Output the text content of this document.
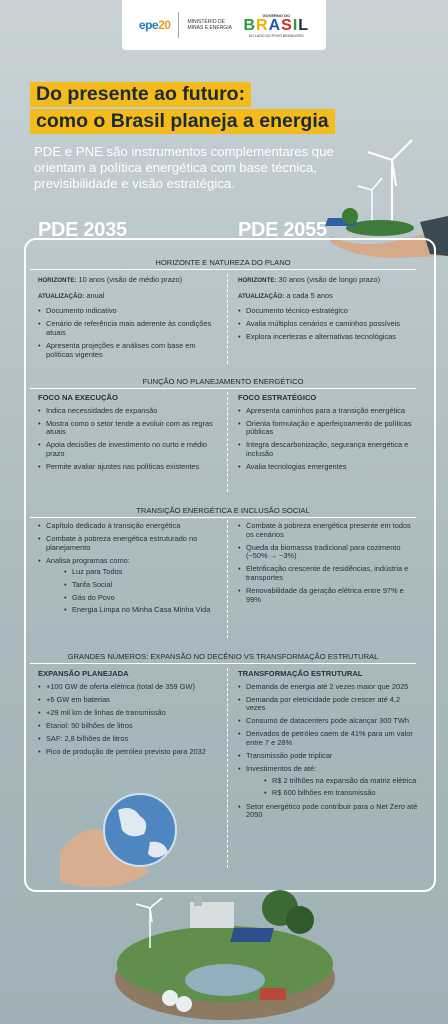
epe20	MINISTÉRIO DE MINAS E ENERGIA
GOVERNO DO
BRASIL
DO LADO DO POVO BRASILEIRO
Do presente ao futuro:
como o Brasil planeja a energia
PDE e PNE são instrumentos complementares que orientam a política energética com base técnica, previsibilidade e visão estratégica.
PDE 2035	PDE 2055
HORIZONTE E NATUREZA DO PLANO
HORIZONTE: 10 anos (visão de médio prazo)
ATUALIZAÇÃO: anual
• Documento indicativo
• Cenário de referência mais aderente às condições atuais
• Apresenta projeções e análises com base em políticas vigentes
HORIZONTE: 30 anos (visão de longo prazo)
ATUALIZAÇÃO: a cada 5 anos
• Documento técnico-estratégico
• Avalia múltiplos cenários e caminhos possíveis
• Explora incertezas e alternativas tecnológicas
FUNÇÃO NO PLANEJAMENTO ENERGÉTICO
FOCO NA EXECUÇÃO
• Indica necessidades de expansão
• Mostra como o setor tende a evoluir com as regras atuais
• Apoia decisões de investimento no curto e médio prazo
• Permite avaliar ajustes nas políticas existentes
FOCO ESTRATÉGICO
• Apresenta caminhos para a transição energética
• Orienta formulação e aperfeiçoamento de políticas públicas
• Integra descarbonização, segurança energética e inclusão
• Avalia tecnologias emergentes
TRANSIÇÃO ENERGÉTICA E INCLUSÃO SOCIAL
• Capítulo dedicado à transição energética
• Combate à pobreza energética estruturado no planejamento
• Analisa programas como:
• Luz para Todos
• Tarifa Social
• Gás do Povo
• Energia Limpa no Minha Casa Minha Vida
• Combate à pobreza energética presente em todos os cenários
• Queda da biomassa tradicional para cozimento (~50% → ~3%)
• Eletrificação crescente de residências, indústria e transportes
• Renovabilidade da geração elétrica entre 97% e 99%
GRANDES NÚMEROS: EXPANSÃO NO DECÊNIO VS TRANSFORMAÇÃO ESTRUTURAL
EXPANSÃO PLANEJADA
• +100 GW de oferta elétrica (total de 359 GW)
• +6 GW em baterias
• +29 mil km de linhas de transmissão
• Etanol: 50 bilhões de litros
• SAF: 2,8 bilhões de litros
• Pico de produção de petróleo previsto para 2032
TRANSFORMAÇÃO ESTRUTURAL
• Demanda de energia até 2 vezes maior que 2025
• Demanda por eletricidade pode crescer até 4,2 vezes
• Consumo de datacenters pode alcançar 300 TWh
• Derivados de petróleo caem de 41% para um valor entre 7 e 28%
• Transmissão pode triplicar
• Investimentos de até:
• R$ 2 trilhões na expansão da matriz elétrica
• R$ 600 bilhões em transmissão
• Setor energético pode contribuir para o Net Zero até 2050
